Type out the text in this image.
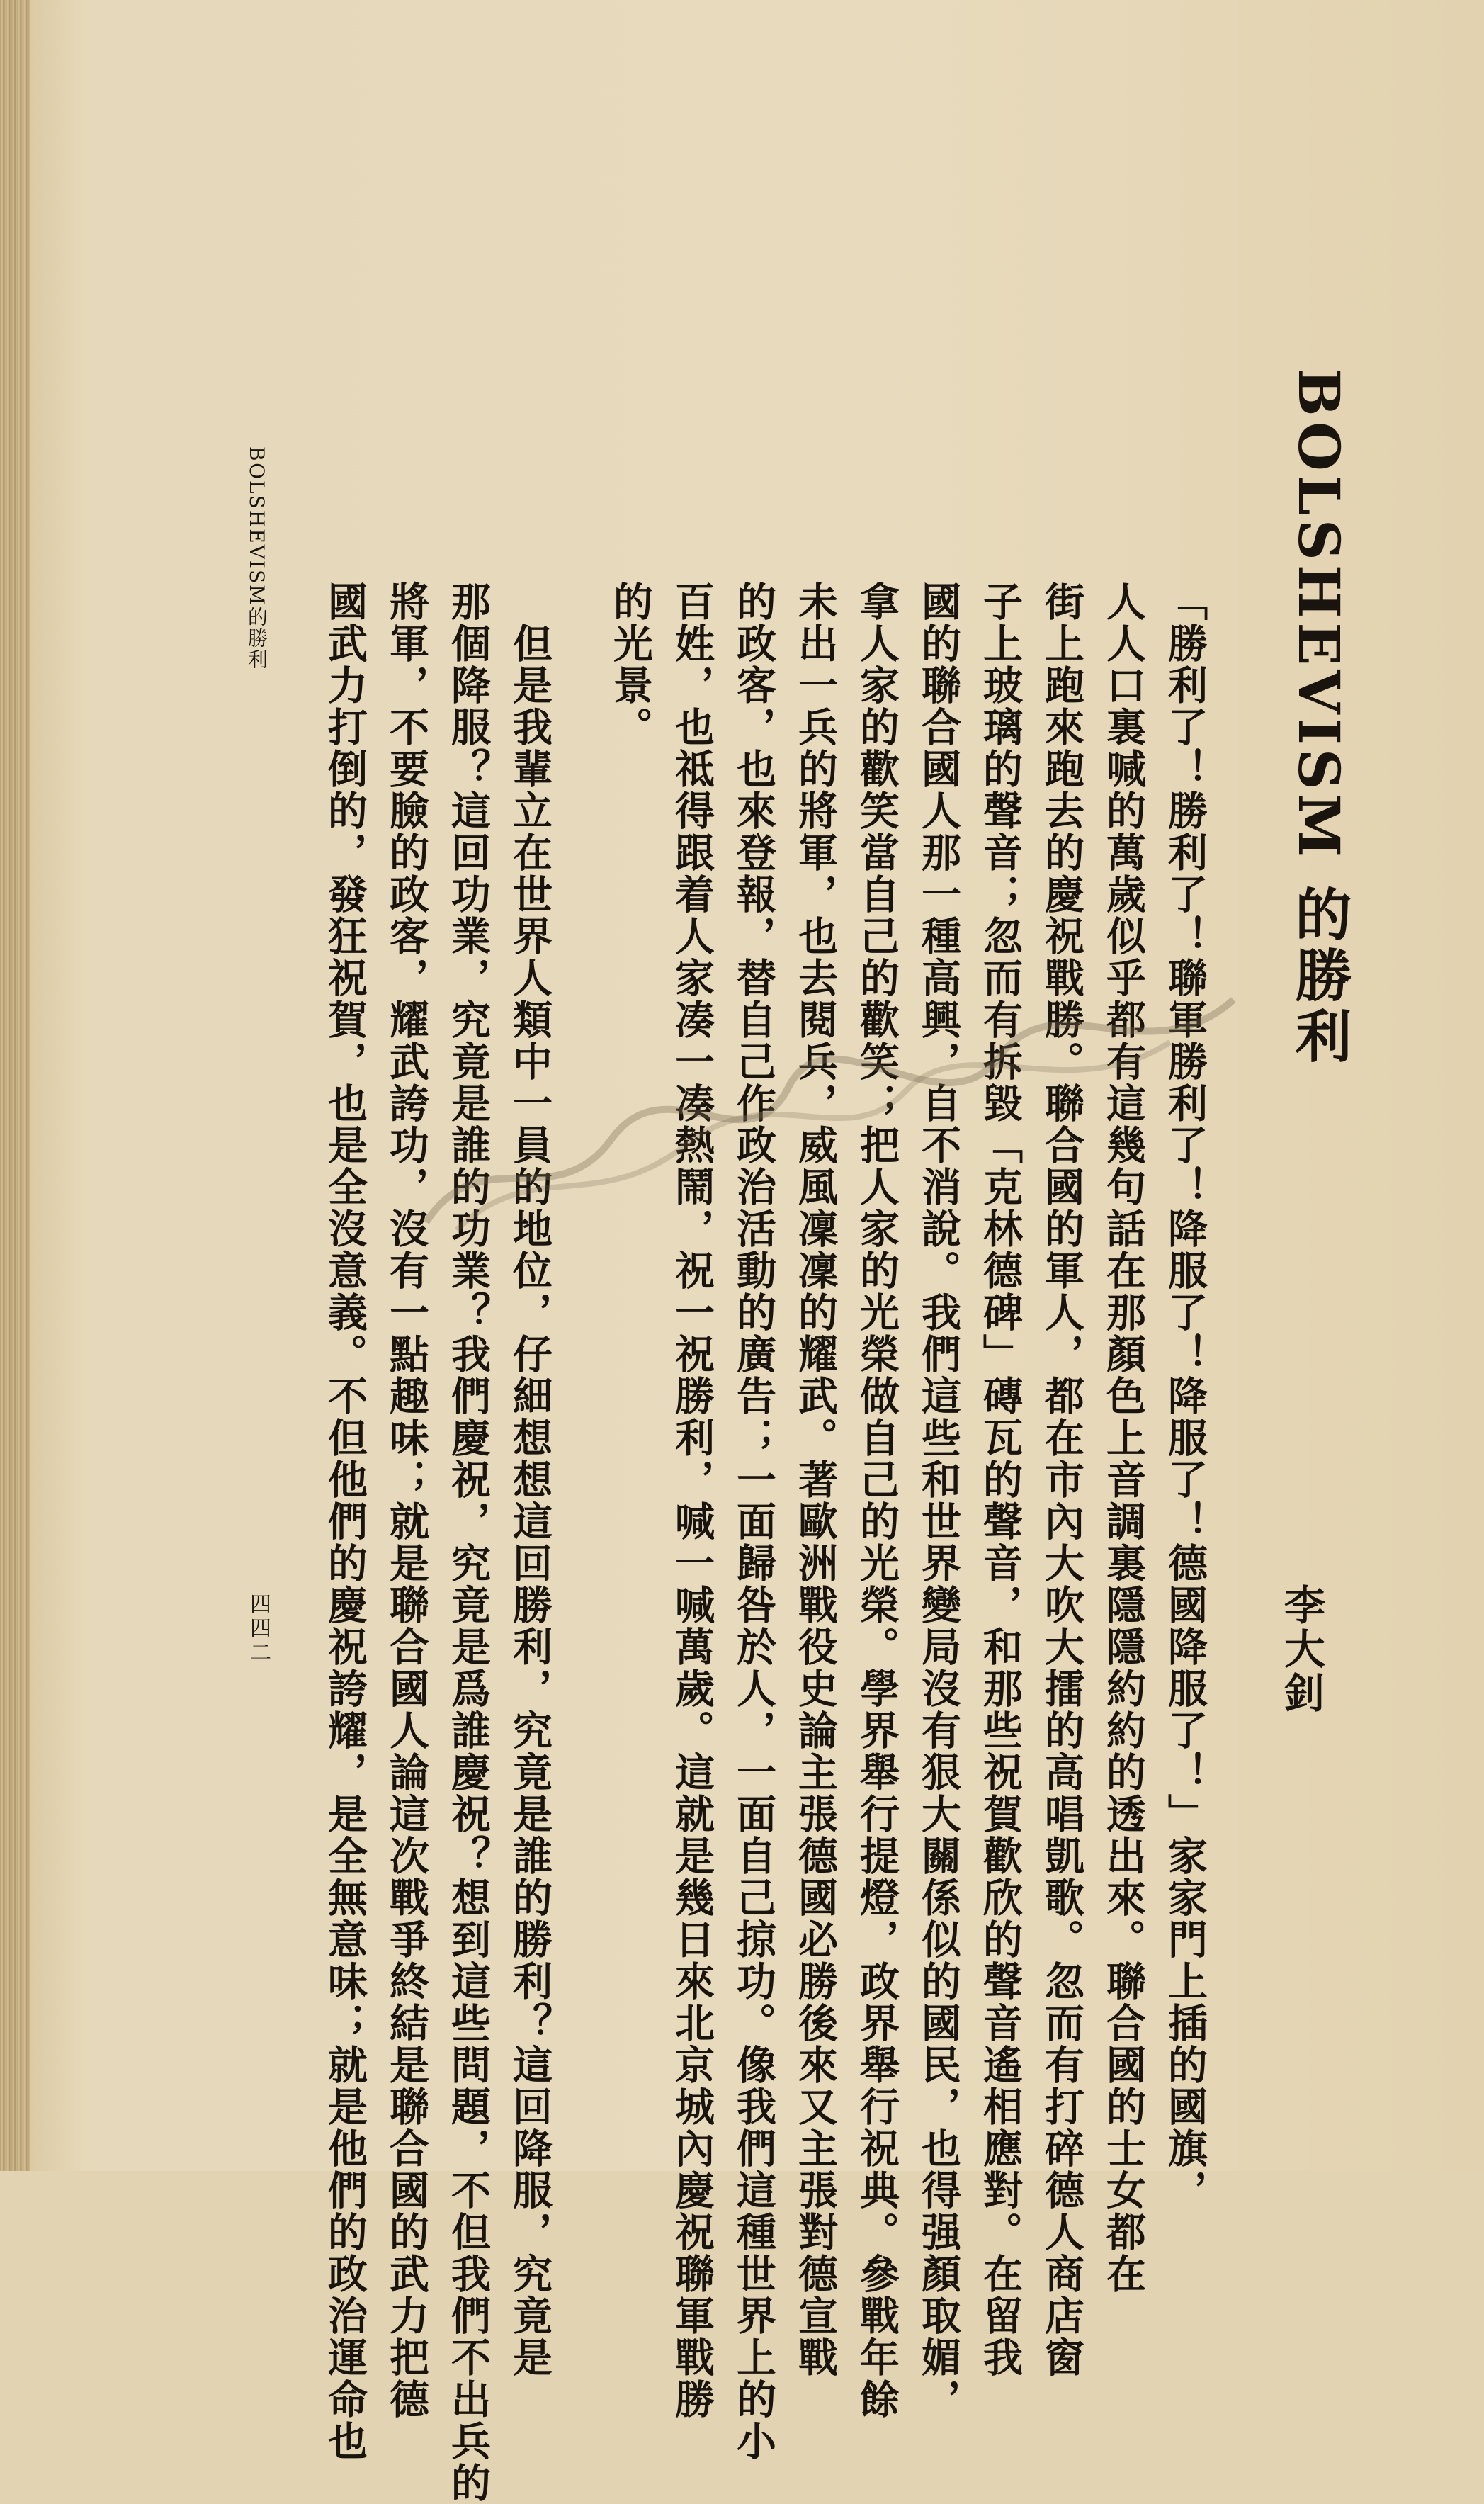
BOLSHEVISM 的勝利
李大釗
「勝利了！勝利了！聯軍勝利了！降服了！降服了！德國降服了！」家家門上插的國旗，
人人口裏喊的萬歲似乎都有這幾句話在那顏色上音調裏隱隱約約的透出來。聯合國的士女都在
街上跑來跑去的慶祝戰勝。聯合國的軍人，都在市內大吹大擂的高唱凱歌。忽而有打碎德人商店窗
子上玻璃的聲音；忽而有拆毀「克林德碑」磚瓦的聲音，和那些祝賀歡欣的聲音遙相應對。在留我
國的聯合國人那一種高興，自不消說。我們這些和世界變局沒有狠大關係似的國民，也得强顏取媚，
拿人家的歡笑當自己的歡笑；把人家的光榮做自己的光榮。學界舉行提燈，政界舉行祝典。參戰年餘
未出一兵的將軍，也去閱兵，威風凜凜的耀武。著歐洲戰役史論主張德國必勝後來又主張對德宣戰
的政客，也來登報，替自己作政治活動的廣告；一面歸咎於人，一面自己掠功。像我們這種世界上的小
百姓，也祗得跟着人家凑一凑熱鬧，祝一祝勝利，喊一喊萬歲。這就是幾日來北京城內慶祝聯軍戰勝
的光景。
　但是我輩立在世界人類中一員的地位，仔細想想這回勝利，究竟是誰的勝利？這回降服，究竟是
那個降服？這回功業，究竟是誰的功業？我們慶祝，究竟是爲誰慶祝？想到這些問題，不但我們不出兵的
將軍，不要臉的政客，耀武誇功，沒有一點趣味；就是聯合國人論這次戰爭終結是聯合國的武力把德
國武力打倒的，發狂祝賀，也是全沒意義。不但他們的慶祝誇耀，是全無意味；就是他們的政治運命也
BOLSHEVISM的勝利
四四二
